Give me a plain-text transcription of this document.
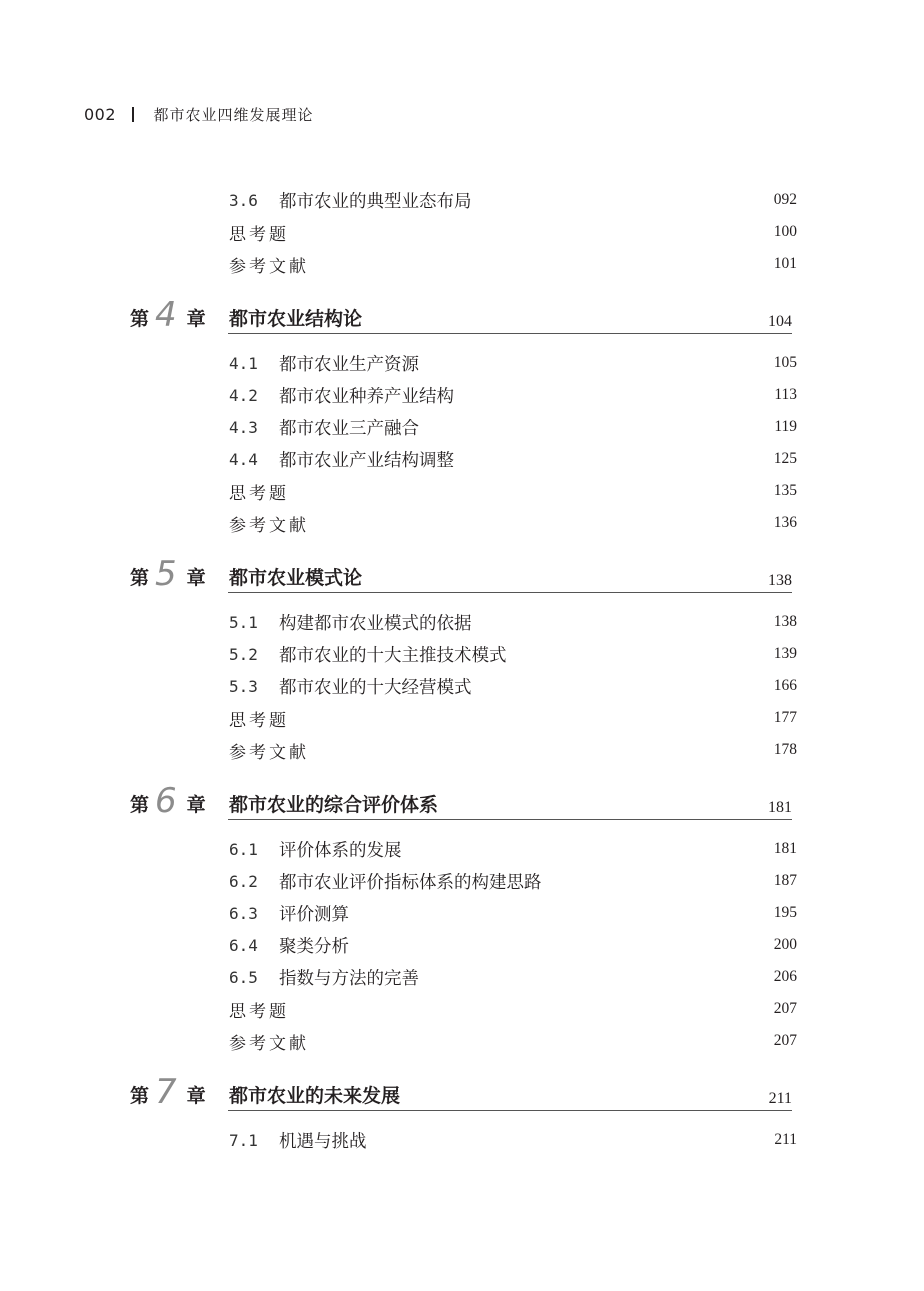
002	都市农业四维发展理论
3.6	都市农业的典型业态布局	092
思考题	100
参考文献	101
第 4 章 都市农业结构论	104
4.1	都市农业生产资源	105
4.2	都市农业种养产业结构	113
4.3	都市农业三产融合	119
4.4	都市农业产业结构调整	125
思考题	135
参考文献	136
第 5 章 都市农业模式论	138
5.1	构建都市农业模式的依据	138
5.2	都市农业的十大主推技术模式	139
5.3	都市农业的十大经营模式	166
思考题	177
参考文献	178
第 6 章 都市农业的综合评价体系	181
6.1	评价体系的发展	181
6.2	都市农业评价指标体系的构建思路	187
6.3	评价测算	195
6.4	聚类分析	200
6.5	指数与方法的完善	206
思考题	207
参考文献	207
第 7 章 都市农业的未来发展	211
7.1	机遇与挑战	211
